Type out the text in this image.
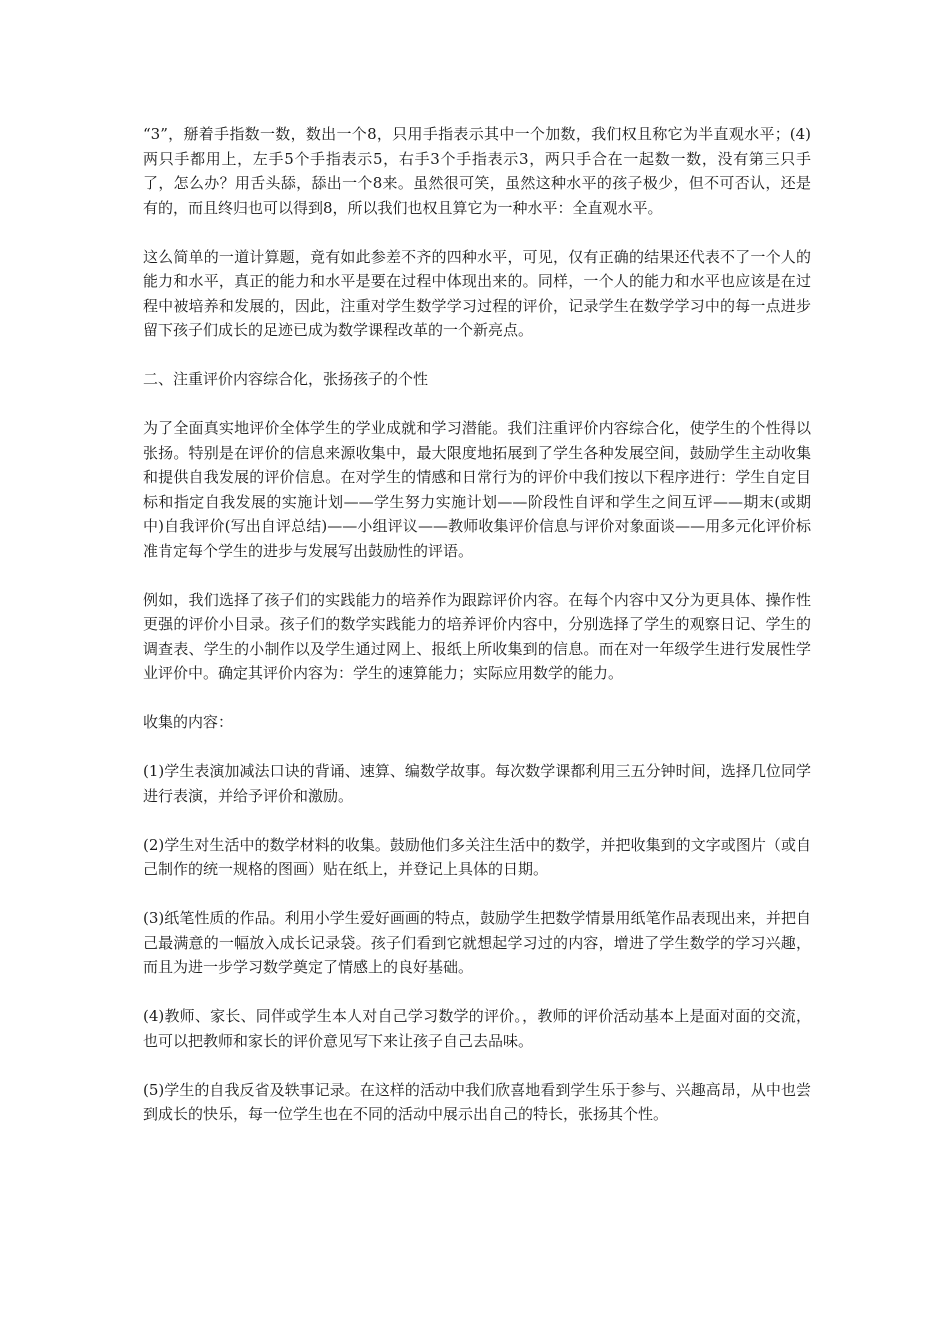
“3”，掰着手指数一数，数出一个8，只用手指表示其中一个加数，我们权且称它为半直观水平；(4)两只手都用上，左手5个手指表示5，右手3个手指表示3，两只手合在一起数一数，没有第三只手了，怎么办？用舌头舔，舔出一个8来。虽然很可笑，虽然这种水平的孩子极少，但不可否认，还是有的，而且终归也可以得到8，所以我们也权且算它为一种水平：全直观水平。

这么简单的一道计算题，竟有如此参差不齐的四种水平，可见，仅有正确的结果还代表不了一个人的能力和水平，真正的能力和水平是要在过程中体现出来的。同样，一个人的能力和水平也应该是在过程中被培养和发展的，因此，注重对学生数学学习过程的评价，记录学生在数学学习中的每一点进步留下孩子们成长的足迹已成为数学课程改革的一个新亮点。

二、注重评价内容综合化，张扬孩子的个性

为了全面真实地评价全体学生的学业成就和学习潜能。我们注重评价内容综合化，使学生的个性得以张扬。特别是在评价的信息来源收集中，最大限度地拓展到了学生各种发展空间，鼓励学生主动收集和提供自我发展的评价信息。在对学生的情感和日常行为的评价中我们按以下程序进行：学生自定目标和指定自我发展的实施计划——学生努力实施计划——阶段性自评和学生之间互评——期末(或期中)自我评价(写出自评总结)——小组评议——教师收集评价信息与评价对象面谈——用多元化评价标准肯定每个学生的进步与发展写出鼓励性的评语。

例如，我们选择了孩子们的实践能力的培养作为跟踪评价内容。在每个内容中又分为更具体、操作性更强的评价小目录。孩子们的数学实践能力的培养评价内容中，分别选择了学生的观察日记、学生的调查表、学生的小制作以及学生通过网上、报纸上所收集到的信息。而在对一年级学生进行发展性学业评价中。确定其评价内容为：学生的速算能力；实际应用数学的能力。

收集的内容：

(1)学生表演加减法口诀的背诵、速算、编数学故事。每次数学课都利用三五分钟时间，选择几位同学进行表演，并给予评价和激励。

(2)学生对生活中的数学材料的收集。鼓励他们多关注生活中的数学，并把收集到的文字或图片（或自己制作的统一规格的图画）贴在纸上，并登记上具体的日期。

(3)纸笔性质的作品。利用小学生爱好画画的特点，鼓励学生把数学情景用纸笔作品表现出来，并把自己最满意的一幅放入成长记录袋。孩子们看到它就想起学习过的内容，增进了学生数学的学习兴趣，而且为进一步学习数学奠定了情感上的良好基础。

(4)教师、家长、同伴或学生本人对自己学习数学的评价。，教师的评价活动基本上是面对面的交流，也可以把教师和家长的评价意见写下来让孩子自己去品味。

(5)学生的自我反省及轶事记录。在这样的活动中我们欣喜地看到学生乐于参与、兴趣高昂，从中也尝到成长的快乐，每一位学生也在不同的活动中展示出自己的特长，张扬其个性。
